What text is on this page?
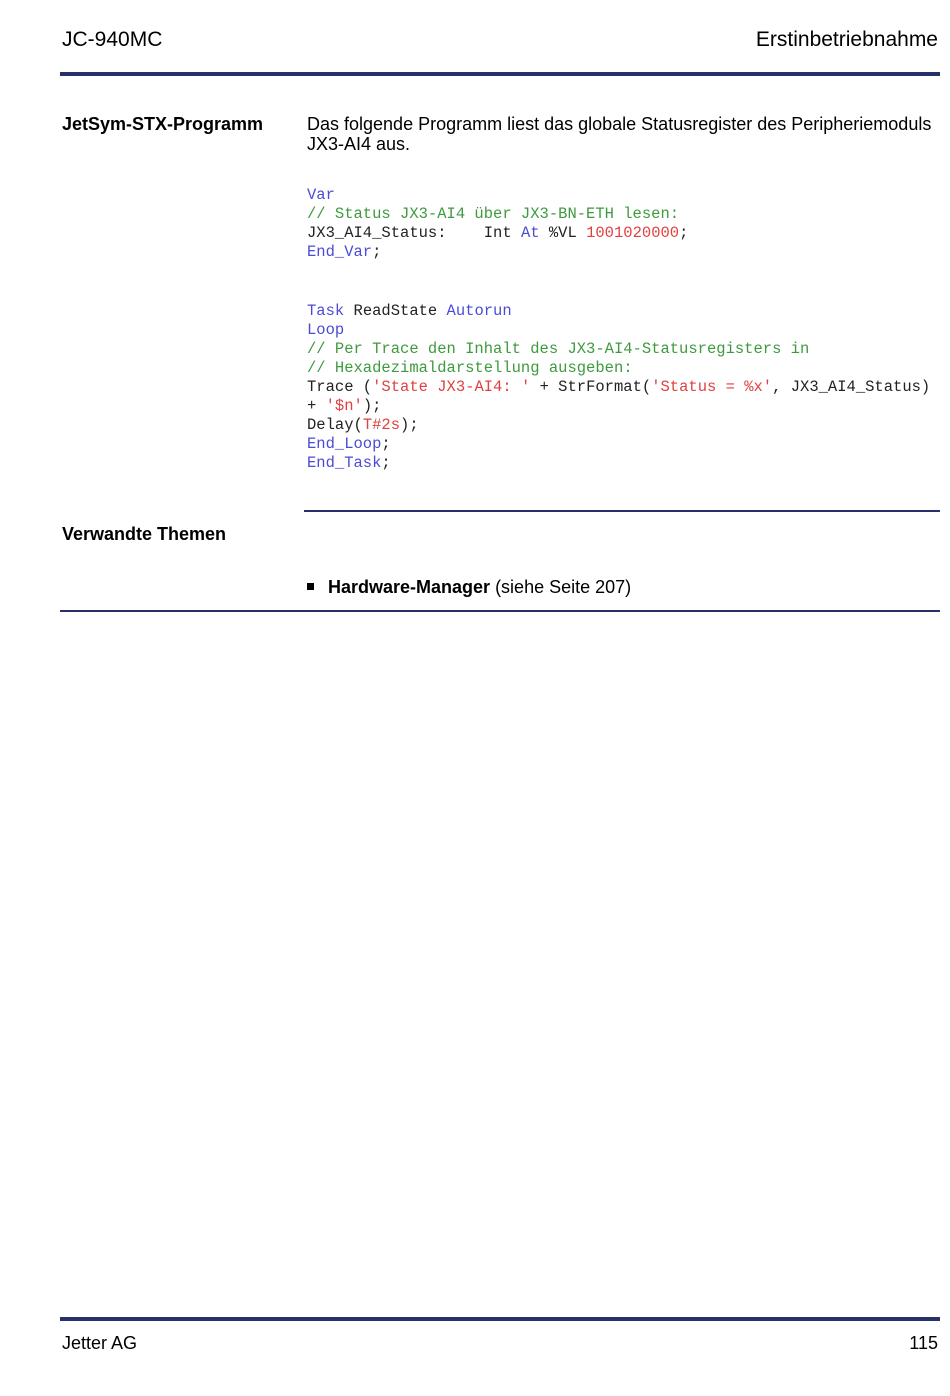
JC-940MC	Erstinbetriebnahme
JetSym-STX-Programm Das folgende Programm liest das globale Statusregister des Peripheriemoduls JX3-AI4 aus.
Var
// Status JX3-AI4 über JX3-BN-ETH lesen:
JX3_AI4_Status:    Int At %VL 1001020000;
End_Var;
Task ReadState Autorun
Loop
// Per Trace den Inhalt des JX3-AI4-Statusregisters in
// Hexadezimaldarstellung ausgeben:
Trace ('State JX3-AI4: ' + StrFormat('Status = %x', JX3_AI4_Status)
+ '$n');
Delay(T#2s);
End_Loop;
End_Task;
Verwandte Themen
Hardware-Manager (siehe Seite 207)
Jetter AG	115
